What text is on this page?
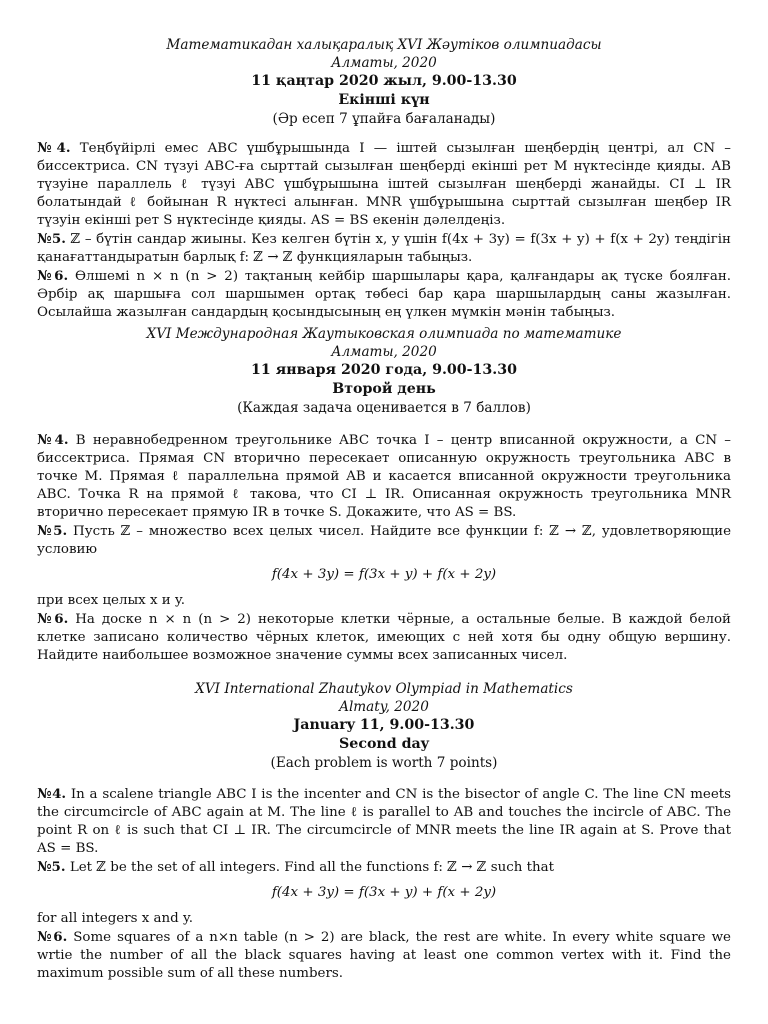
Математикадан халықаралық XVI Жәутіков олимпиадасы
Алматы, 2020
11 қаңтар 2020 жыл, 9.00-13.30
Екінші күн
(Әр есеп 7 ұпайға бағаланады)

№4. Теңбүйірлі емес ABC үшбұрышында I — іштей сызылған шеңбердің центрі, ал CN – биссектриса. CN түзуі ABC-ға сырттай сызылған шеңберді екінші рет M нүктесінде қияды. AB түзуіне параллель ℓ түзуі ABC үшбұрышына іштей сызылған шеңберді жанайды. CI ⊥ IR болатындай ℓ бойынан R нүктесі алынған. MNR үшбұрышына сырттай сызылған шеңбер IR түзуін екінші рет S нүктесінде қияды. AS = BS екенін дәлелдеңіз.

№5. ℤ – бүтін сандар жиыны. Кез келген бүтін x, y үшін f(4x + 3y) = f(3x + y) + f(x + 2y) теңдігін қанағаттандыратын барлық f: ℤ → ℤ функцияларын табыңыз.

№6. Өлшемі n × n (n > 2) тақтаның кейбір шаршылары қара, қалғандары ақ түске боялған. Әрбір ақ шаршыға сол шаршымен ортақ төбесі бар қара шаршылардың саны жазылған. Осылайша жазылған сандардың қосындысының ең үлкен мүмкін мәнін табыңыз.

XVI Международная Жаутыковская олимпиада по математике
Алматы, 2020
11 января 2020 года, 9.00-13.30
Второй день
(Каждая задача оценивается в 7 баллов)

№4. В неравнобедренном треугольнике ABC точка I – центр вписанной окружности, а CN – биссектриса. Прямая CN вторично пересекает описанную окружность треугольника ABC в точке M. Прямая ℓ параллельна прямой AB и касается вписанной окружности треугольника ABC. Точка R на прямой ℓ такова, что CI ⊥ IR. Описанная окружность треугольника MNR вторично пересекает прямую IR в точке S. Докажите, что AS = BS.

№5. Пусть ℤ – множество всех целых чисел. Найдите все функции f: ℤ → ℤ, удовлетворяющие условию

f(4x + 3y) = f(3x + y) + f(x + 2y)

при всех целых x и y.

№6. На доске n × n (n > 2) некоторые клетки чёрные, а остальные белые. В каждой белой клетке записано количество чёрных клеток, имеющих с ней хотя бы одну общую вершину. Найдите наибольшее возможное значение суммы всех записанных чисел.

XVI International Zhautykov Olympiad in Mathematics
Almaty, 2020
January 11, 9.00-13.30
Second day
(Each problem is worth 7 points)

№4. In a scalene triangle ABC I is the incenter and CN is the bisector of angle C. The line CN meets the circumcircle of ABC again at M. The line ℓ is parallel to AB and touches the incircle of ABC. The point R on ℓ is such that CI ⊥ IR. The circumcircle of MNR meets the line IR again at S. Prove that AS = BS.

№5. Let ℤ be the set of all integers. Find all the functions f: ℤ → ℤ such that

f(4x + 3y) = f(3x + y) + f(x + 2y)

for all integers x and y.

№6. Some squares of a n×n table (n > 2) are black, the rest are white. In every white square we wrtie the number of all the black squares having at least one common vertex with it. Find the maximum possible sum of all these numbers.
